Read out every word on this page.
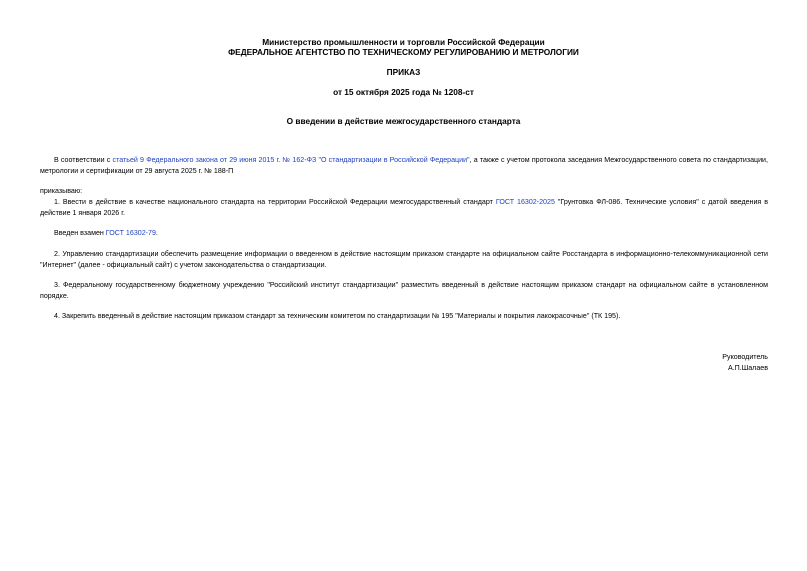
Министерство промышленности и торговли Российской Федерации
ФЕДЕРАЛЬНОЕ АГЕНТСТВО ПО ТЕХНИЧЕСКОМУ РЕГУЛИРОВАНИЮ И МЕТРОЛОГИИ
ПРИКАЗ
от 15 октября 2025 года № 1208-ст
О введении в действие межгосударственного стандарта
В соответствии с статьей 9 Федерального закона от 29 июня 2015 г. № 162-ФЗ "О стандартизации в Российской Федерации", а также с учетом протокола заседания Межгосударственного совета по стандартизации, метрологии и сертификации от 29 августа 2025 г. № 188-П
приказываю:
1. Ввести в действие в качестве национального стандарта на территории Российской Федерации межгосударственный стандарт ГОСТ 16302-2025 "Грунтовка ФЛ-086. Технические условия" с датой введения в действие 1 января 2026 г.
Введен взамен ГОСТ 16302-79.
2. Управлению стандартизации обеспечить размещение информации о введенном в действие настоящим приказом стандарте на официальном сайте Росстандарта в информационно-телекоммуникационной сети "Интернет" (далее - официальный сайт) с учетом законодательства о стандартизации.
3. Федеральному государственному бюджетному учреждению "Российский институт стандартизации" разместить введенный в действие настоящим приказом стандарт на официальном сайте в установленном порядке.
4. Закрепить введенный в действие настоящим приказом стандарт за техническим комитетом по стандартизации № 195 "Материалы и покрытия лакокрасочные" (ТК 195).
Руководитель
А.П.Шалаев
